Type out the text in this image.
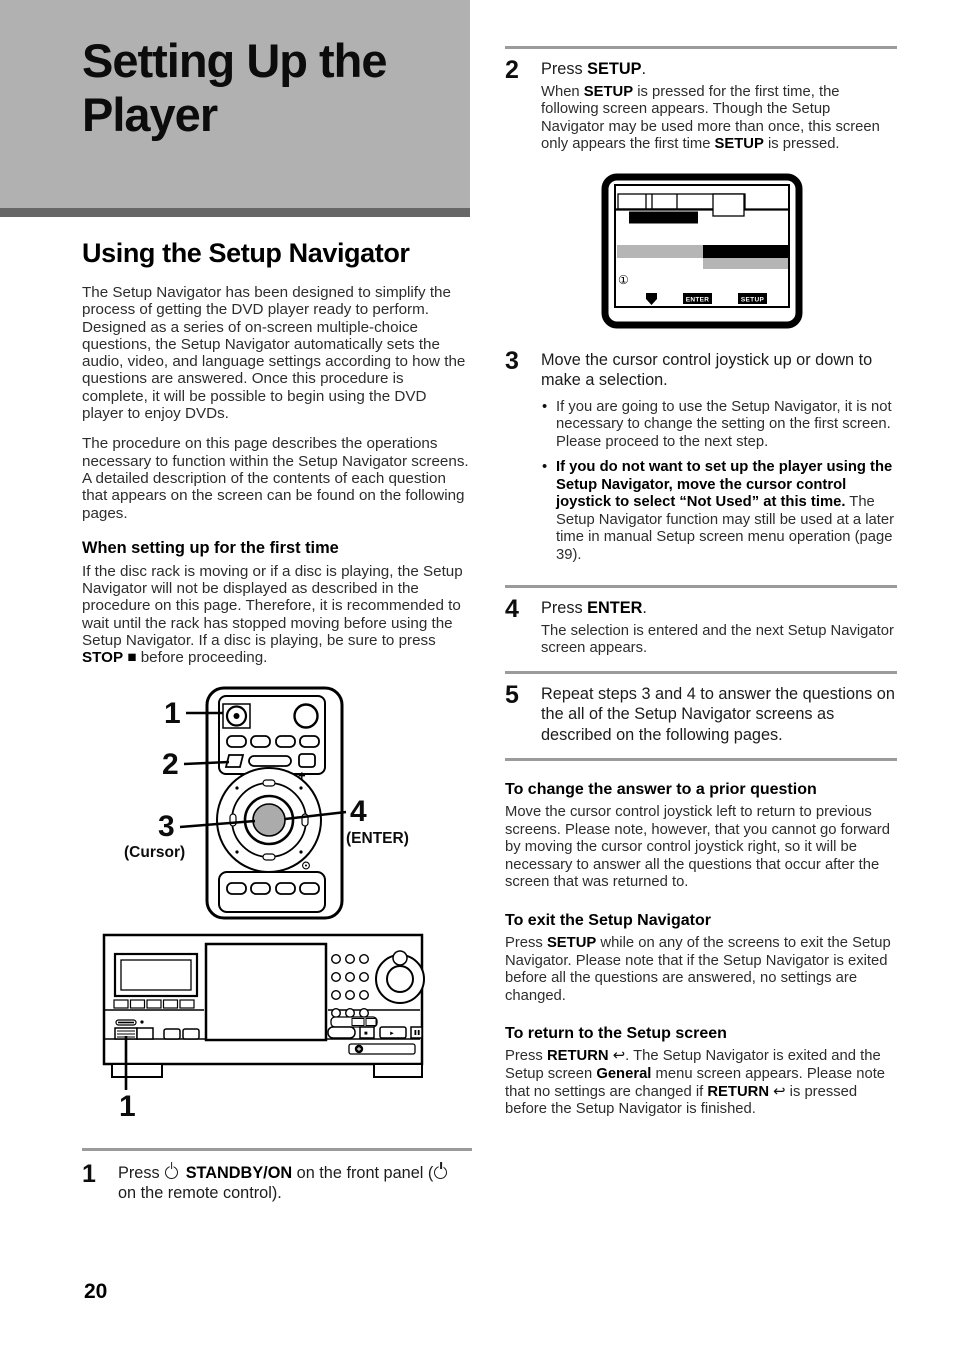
Setting Up the
Player
Using the Setup Navigator

The Setup Navigator has been designed to simplify the process of getting the DVD player ready to perform. Designed as a series of on-screen multiple-choice questions, the Setup Navigator automatically sets the audio, video, and language settings according to how the questions are answered. Once this procedure is complete, it will be possible to begin using the DVD player to enjoy DVDs.

The procedure on this page describes the operations necessary to function within the Setup Navigator screens. A detailed description of the contents of each question that appears on the screen can be found on the following pages.

When setting up for the first time

If the disc rack is moving or if a disc is playing, the Setup Navigator will not be displayed as described in the procedure on this page. Therefore, it is recommended to wait until the rack has stopped moving before using the Setup Navigator. If a disc is playing, be sure to press STOP ■ before proceeding.

+
1
2
3
(Cursor)
4
(ENTER)
■	►
1
1	Press  STANDBY/ON on the front panel ( on the remote control).
2	Press SETUP.
When SETUP is pressed for the first time, the following screen appears. Though the Setup Navigator may be used more than once, this screen only appears the first time SETUP is pressed.
①
ENTER	SETUP
3	Move the cursor control joystick up or down to make a selection.
• If you are going to use the Setup Navigator, it is not necessary to change the setting on the first screen. Please proceed to the next step.
• If you do not want to set up the player using the Setup Navigator, move the cursor control joystick to select “Not Used” at this time. The Setup Navigator function may still be used at a later time in manual Setup screen menu operation (page 39).
4	Press ENTER.
The selection is entered and the next Setup Navigator screen appears.
5	Repeat steps 3 and 4 to answer the questions on the all of the Setup Navigator screens as described on the following pages.
To change the answer to a prior question

Move the cursor control joystick left to return to previous screens. Please note, however, that you cannot go forward by moving the cursor control joystick right, so it will be necessary to answer all the questions that occur after the screen that was returned to.

To exit the Setup Navigator

Press SETUP while on any of the screens to exit the Setup Navigator. Please note that if the Setup Navigator is exited before all the questions are answered, no settings are changed.

To return to the Setup screen

Press RETURN ↩ . The Setup Navigator is exited and the Setup screen General menu screen appears. Please note that no settings are changed if RETURN ↩ is pressed before the Setup Navigator is finished.

20
